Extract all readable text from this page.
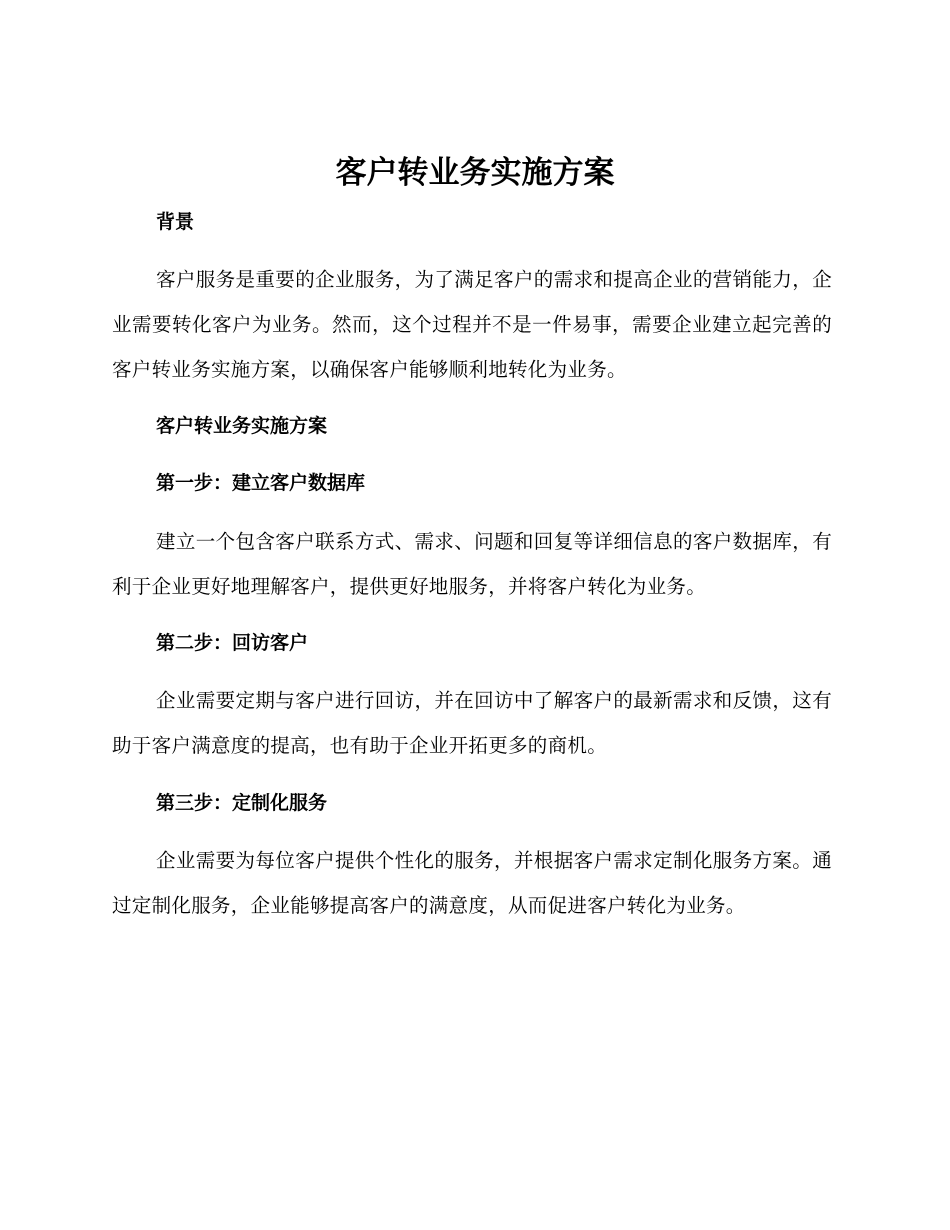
客户转业务实施方案
背景

客户服务是重要的企业服务，为了满足客户的需求和提高企业的营销能力，企业需要转化客户为业务。然而，这个过程并不是一件易事，需要企业建立起完善的客户转业务实施方案，以确保客户能够顺利地转化为业务。

客户转业务实施方案
第一步：建立客户数据库

建立一个包含客户联系方式、需求、问题和回复等详细信息的客户数据库，有利于企业更好地理解客户，提供更好地服务，并将客户转化为业务。

第二步：回访客户

企业需要定期与客户进行回访，并在回访中了解客户的最新需求和反馈，这有助于客户满意度的提高，也有助于企业开拓更多的商机。

第三步：定制化服务

企业需要为每位客户提供个性化的服务，并根据客户需求定制化服务方案。通过定制化服务，企业能够提高客户的满意度，从而促进客户转化为业务。
